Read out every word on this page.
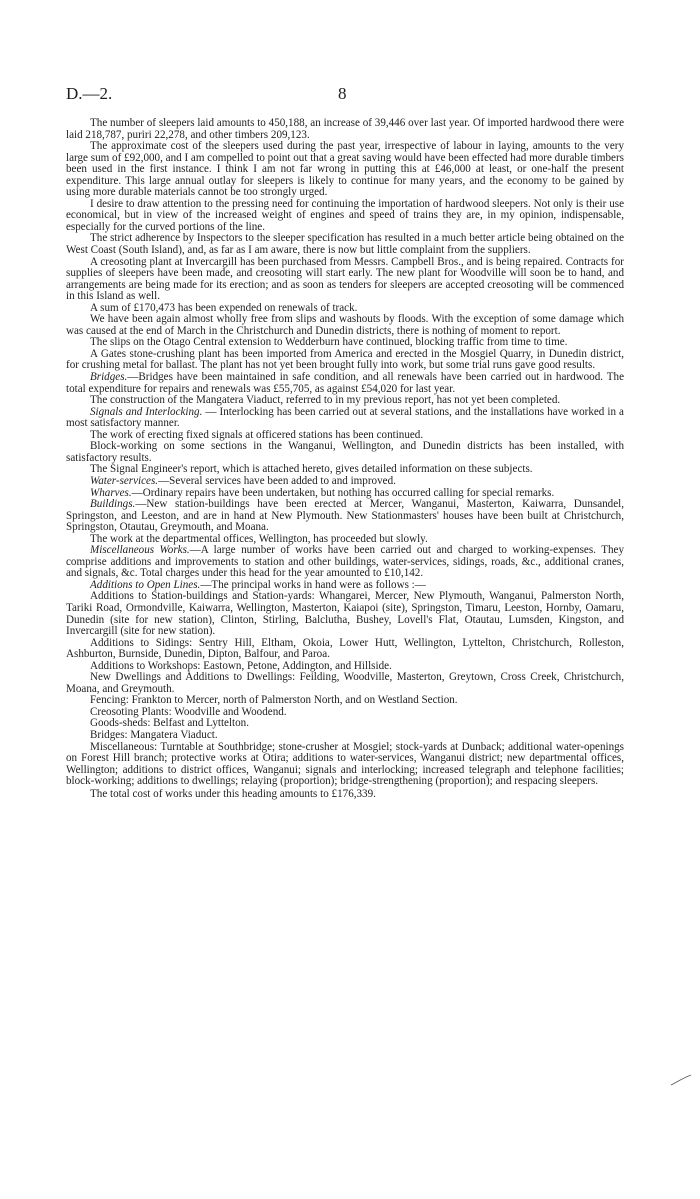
D.—2.	8

The number of sleepers laid amounts to 450,188, an increase of 39,446 over last year. Of imported hardwood there were laid 218,787, puriri 22,278, and other timbers 209,123.

The approximate cost of the sleepers used during the past year, irrespective of labour in laying, amounts to the very large sum of £92,000, and I am compelled to point out that a great saving would have been effected had more durable timbers been used in the first instance. I think I am not far wrong in putting this at £46,000 at least, or one-half the present expenditure. This large annual outlay for sleepers is likely to continue for many years, and the economy to be gained by using more durable materials cannot be too strongly urged.

I desire to draw attention to the pressing need for continuing the importation of hardwood sleepers. Not only is their use economical, but in view of the increased weight of engines and speed of trains they are, in my opinion, indispensable, especially for the curved portions of the line.

The strict adherence by Inspectors to the sleeper specification has resulted in a much better article being obtained on the West Coast (South Island), and, as far as I am aware, there is now but little complaint from the suppliers.

A creosoting plant at Invercargill has been purchased from Messrs. Campbell Bros., and is being repaired. Contracts for supplies of sleepers have been made, and creosoting will start early. The new plant for Woodville will soon be to hand, and arrangements are being made for its erection; and as soon as tenders for sleepers are accepted creosoting will be commenced in this Island as well.

A sum of £170,473 has been expended on renewals of track.

We have been again almost wholly free from slips and washouts by floods. With the exception of some damage which was caused at the end of March in the Christchurch and Dunedin districts, there is nothing of moment to report.

The slips on the Otago Central extension to Wedderburn have continued, blocking traffic from time to time.

A Gates stone-crushing plant has been imported from America and erected in the Mosgiel Quarry, in Dunedin district, for crushing metal for ballast. The plant has not yet been brought fully into work, but some trial runs gave good results.

Bridges.—Bridges have been maintained in safe condition, and all renewals have been carried out in hardwood. The total expenditure for repairs and renewals was £55,705, as against £54,020 for last year.

The construction of the Mangatera Viaduct, referred to in my previous report, has not yet been completed.

Signals and Interlocking. — Interlocking has been carried out at several stations, and the installations have worked in a most satisfactory manner.

The work of erecting fixed signals at officered stations has been continued.

Block-working on some sections in the Wanganui, Wellington, and Dunedin districts has been installed, with satisfactory results.

The Signal Engineer's report, which is attached hereto, gives detailed information on these subjects.

Water-services.—Several services have been added to and improved.

Wharves.—Ordinary repairs have been undertaken, but nothing has occurred calling for special remarks.

Buildings.—New station-buildings have been erected at Mercer, Wanganui, Masterton, Kaiwarra, Dunsandel, Springston, and Leeston, and are in hand at New Plymouth. New Stationmasters' houses have been built at Christchurch, Springston, Otautau, Greymouth, and Moana.

The work at the departmental offices, Wellington, has proceeded but slowly.

Miscellaneous Works.—A large number of works have been carried out and charged to working-expenses. They comprise additions and improvements to station and other buildings, water-services, sidings, roads, &c., additional cranes, and signals, &c. Total charges under this head for the year amounted to £10,142.

Additions to Open Lines.—The principal works in hand were as follows :—

Additions to Station-buildings and Station-yards: Whangarei, Mercer, New Plymouth, Wanganui, Palmerston North, Tariki Road, Ormondville, Kaiwarra, Wellington, Masterton, Kaiapoi (site), Springston, Timaru, Leeston, Hornby, Oamaru, Dunedin (site for new station), Clinton, Stirling, Balclutha, Bushey, Lovell's Flat, Otautau, Lumsden, Kingston, and Invercargill (site for new station).

Additions to Sidings: Sentry Hill, Eltham, Okoia, Lower Hutt, Wellington, Lyttelton, Christchurch, Rolleston, Ashburton, Burnside, Dunedin, Dipton, Balfour, and Paroa.

Additions to Workshops: Eastown, Petone, Addington, and Hillside.

New Dwellings and Additions to Dwellings: Feilding, Woodville, Masterton, Greytown, Cross Creek, Christchurch, Moana, and Greymouth.

Fencing: Frankton to Mercer, north of Palmerston North, and on Westland Section.

Creosoting Plants: Woodville and Woodend.

Goods-sheds: Belfast and Lyttelton.

Bridges: Mangatera Viaduct.

Miscellaneous: Turntable at Southbridge; stone-crusher at Mosgiel; stock-yards at Dunback; additional water-openings on Forest Hill branch; protective works at Otira; additions to water-services, Wanganui district; new departmental offices, Wellington; additions to district offices, Wanganui; signals and interlocking; increased telegraph and telephone facilities; block-working; additions to dwellings; relaying (proportion); bridge-strengthening (proportion); and respacing sleepers.

The total cost of works under this heading amounts to £176,339.
